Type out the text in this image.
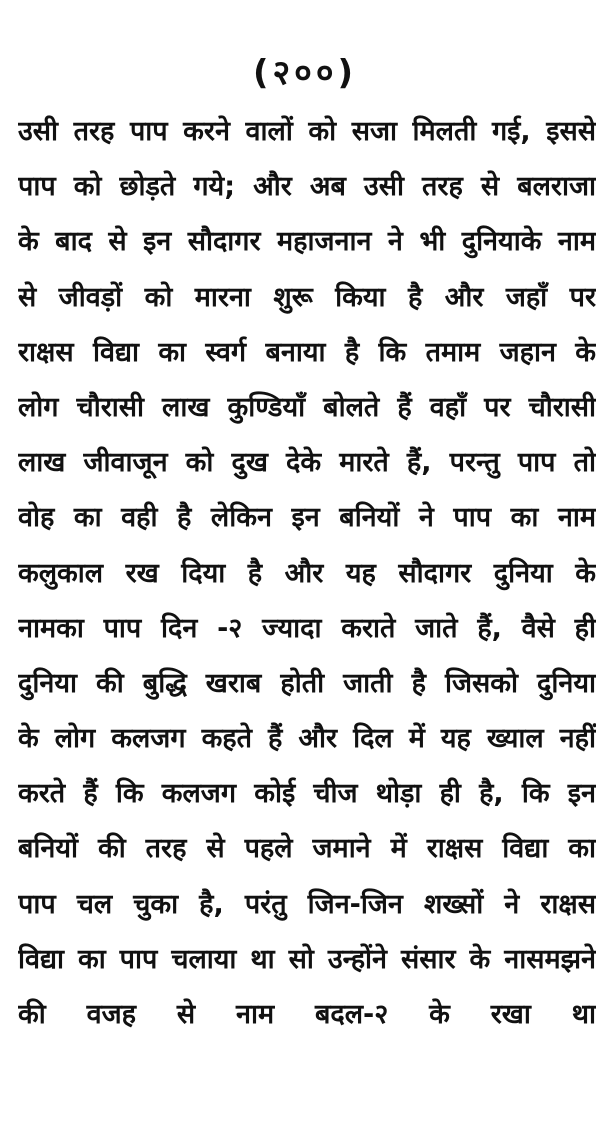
(२००)
उसी तरह पाप करने वालों को सजा मिलती गई, इससे
पाप को छोड़ते गये; और अब उसी तरह से बलराजा
के बाद से इन सौदागर महाजनान ने भी दुनियाके नाम
से जीवड़ों को मारना शुरू किया है और जहाँ पर
राक्षस विद्या का स्वर्ग बनाया है कि तमाम जहान के
लोग चौरासी लाख कुण्डियाँ बोलते हैं वहाँ पर चौरासी
लाख जीवाजून को दुख देके मारते हैं, परन्तु पाप तो
वोह का वही है लेकिन इन बनियों ने पाप का नाम
कलुकाल रख दिया है और यह सौदागर दुनिया के
नामका पाप दिन -२ ज्यादा कराते जाते हैं, वैसे ही
दुनिया की बुद्धि खराब होती जाती है जिसको दुनिया
के लोग कलजग कहते हैं और दिल में यह ख्याल नहीं
करते हैं कि कलजग कोई चीज थोड़ा ही है, कि इन
बनियों की तरह से पहले जमाने में राक्षस विद्या का
पाप चल चुका है, परंतु जिन-जिन शख्सों ने राक्षस
विद्या का पाप चलाया था सो उन्होंने संसार के नासमझने
की वजह से नाम बदल-२ के रखा था
